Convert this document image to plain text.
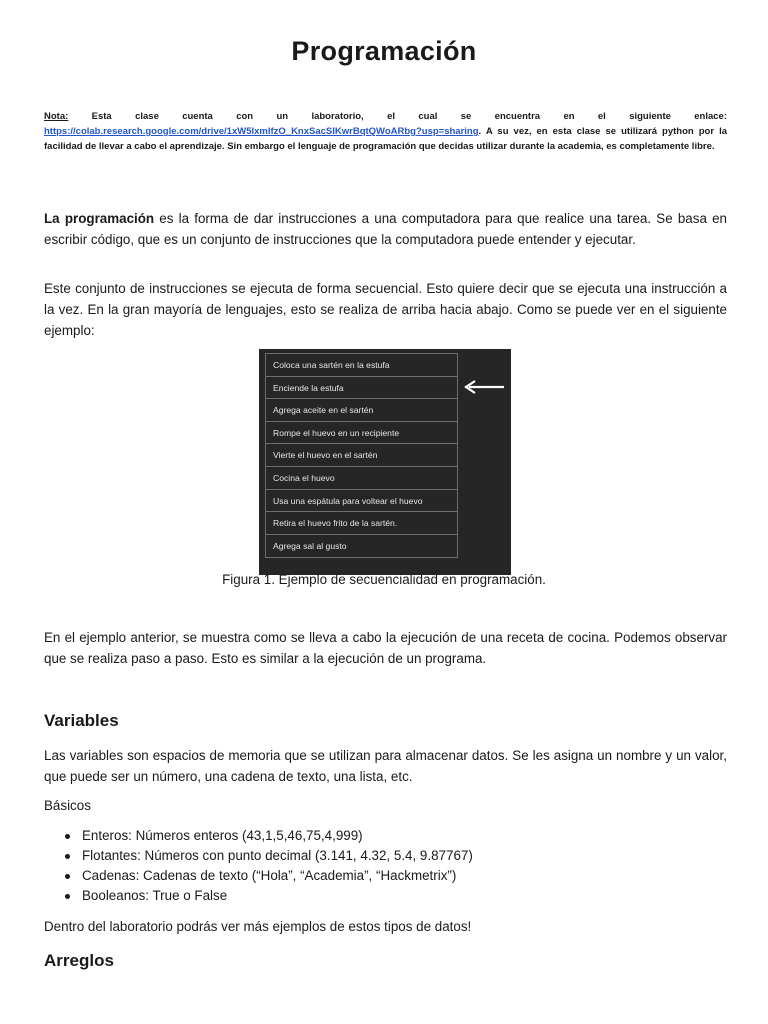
Programación

Nota: Esta clase cuenta con un laboratorio, el cual se encuentra en el siguiente enlace: https://colab.research.google.com/drive/1xW5lxmlfzO_KnxSacSIKwrBqtQWoARbg?usp=sharing. A su vez, en esta clase se utilizará python por la facilidad de llevar a cabo el aprendizaje. Sin embargo el lenguaje de programación que decidas utilizar durante la academia, es completamente libre.

La programación es la forma de dar instrucciones a una computadora para que realice una tarea. Se basa en escribir código, que es un conjunto de instrucciones que la computadora puede entender y ejecutar.

Este conjunto de instrucciones se ejecuta de forma secuencial. Esto quiere decir que se ejecuta una instrucción a la vez. En la gran mayoría de lenguajes, esto se realiza de arriba hacia abajo. Como se puede ver en el siguiente ejemplo:

Coloca una sartén en la estufa
Enciende la estufa
Agrega aceite en el sartén
Rompe el huevo en un recipiente
Vierte el huevo en el sartén
Cocina el huevo
Usa una espátula para voltear el huevo
Retira el huevo frito de la sartén.
Agrega sal al gusto

Figura 1. Ejemplo de secuencialidad en programación.

En el ejemplo anterior, se muestra como se lleva a cabo la ejecución de una receta de cocina. Podemos observar que se realiza paso a paso. Esto es similar a la ejecución de un programa.

Variables

Las variables son espacios de memoria que se utilizan para almacenar datos. Se les asigna un nombre y un valor, que puede ser un número, una cadena de texto, una lista, etc.

Básicos

Enteros: Números enteros (43,1,5,46,75,4,999)
Flotantes: Números con punto decimal (3.141, 4.32, 5.4, 9.87767)
Cadenas: Cadenas de texto (“Hola”, “Academia”, “Hackmetrix”)
Booleanos: True o False

Dentro del laboratorio podrás ver más ejemplos de estos tipos de datos!

Arreglos
